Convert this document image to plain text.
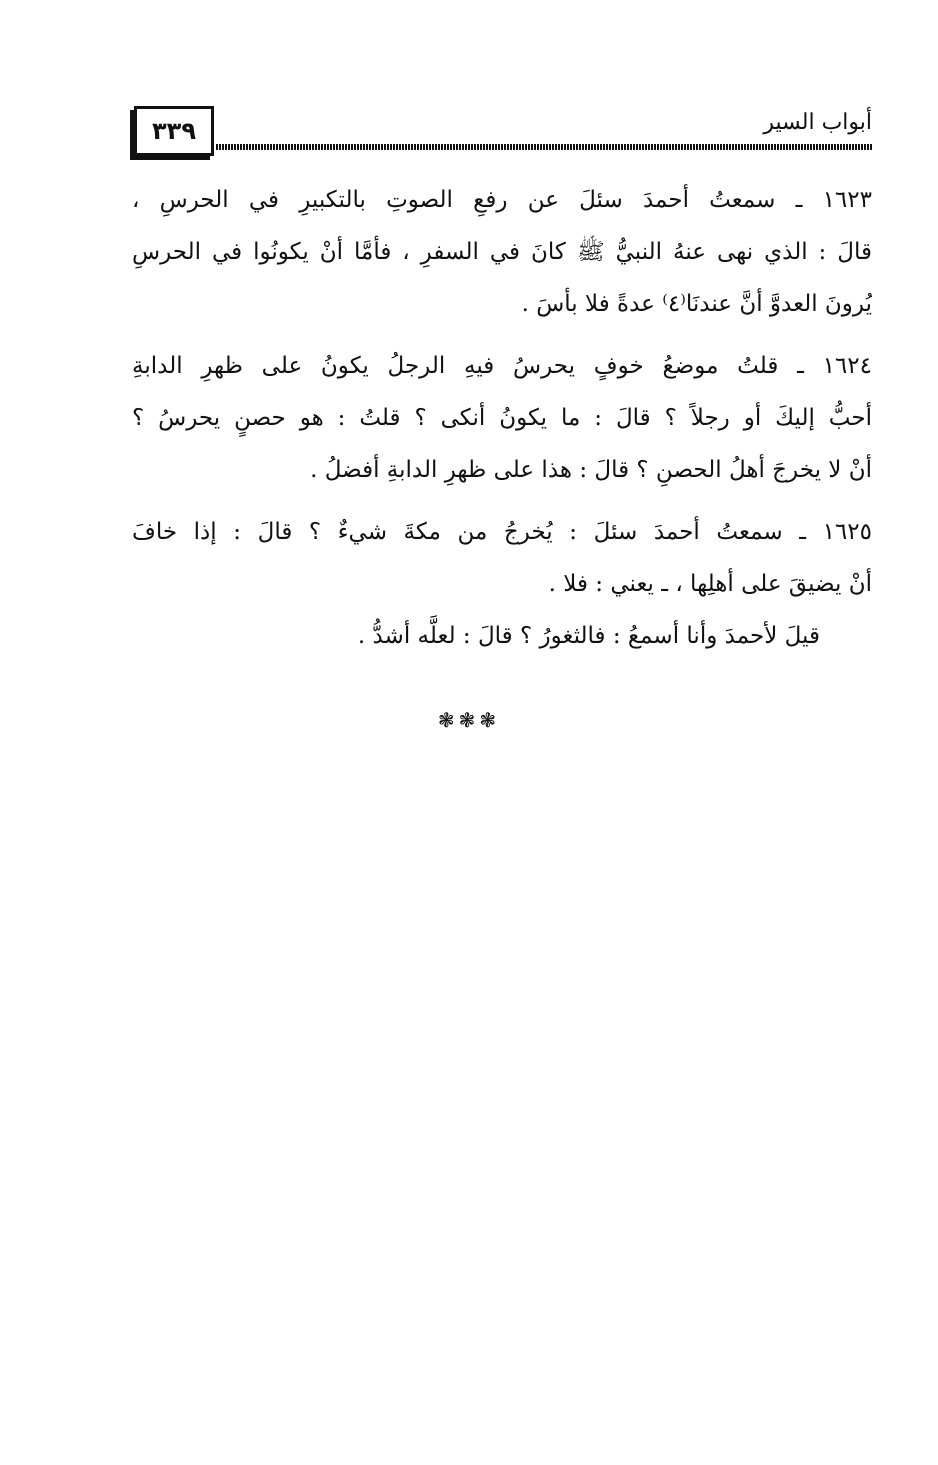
٣٣٩	أبواب السير
١٦٢٣ ـ سمعتُ أحمدَ سئلَ عن رفعِ الصوتِ بالتكبيرِ في الحرسِ ،
قالَ : الذي نهى عنهُ النبيُّ ﷺ كانَ في السفرِ ، فأمَّا أنْ يكونُوا في الحرسِ
يُرونَ العدوَّ أنَّ عندنَا⁽٤⁾ عدةً فلا بأسَ .
١٦٢٤ ـ قلتُ موضعُ خوفٍ يحرسُ فيهِ الرجلُ يكونُ على ظهرِ الدابةِ
أحبُّ إليكَ أو رجلاً ؟ قالَ : ما يكونُ أنكى ؟ قلتُ : هو حصنٍ يحرسُ ؟
أنْ لا يخرجَ أهلُ الحصنِ ؟ قالَ : هذا على ظهرِ الدابةِ أفضلُ .
١٦٢٥ ـ سمعتُ أحمدَ سئلَ : يُخرجُ من مكةَ شيءٌ ؟ قالَ : إذا خافَ
أنْ يضيقَ على أهلِها ، ـ يعني : فلا .
قيلَ لأحمدَ وأنا أسمعُ : فالثغورُ ؟ قالَ : لعلَّه أشدُّ .
❃❃❃
